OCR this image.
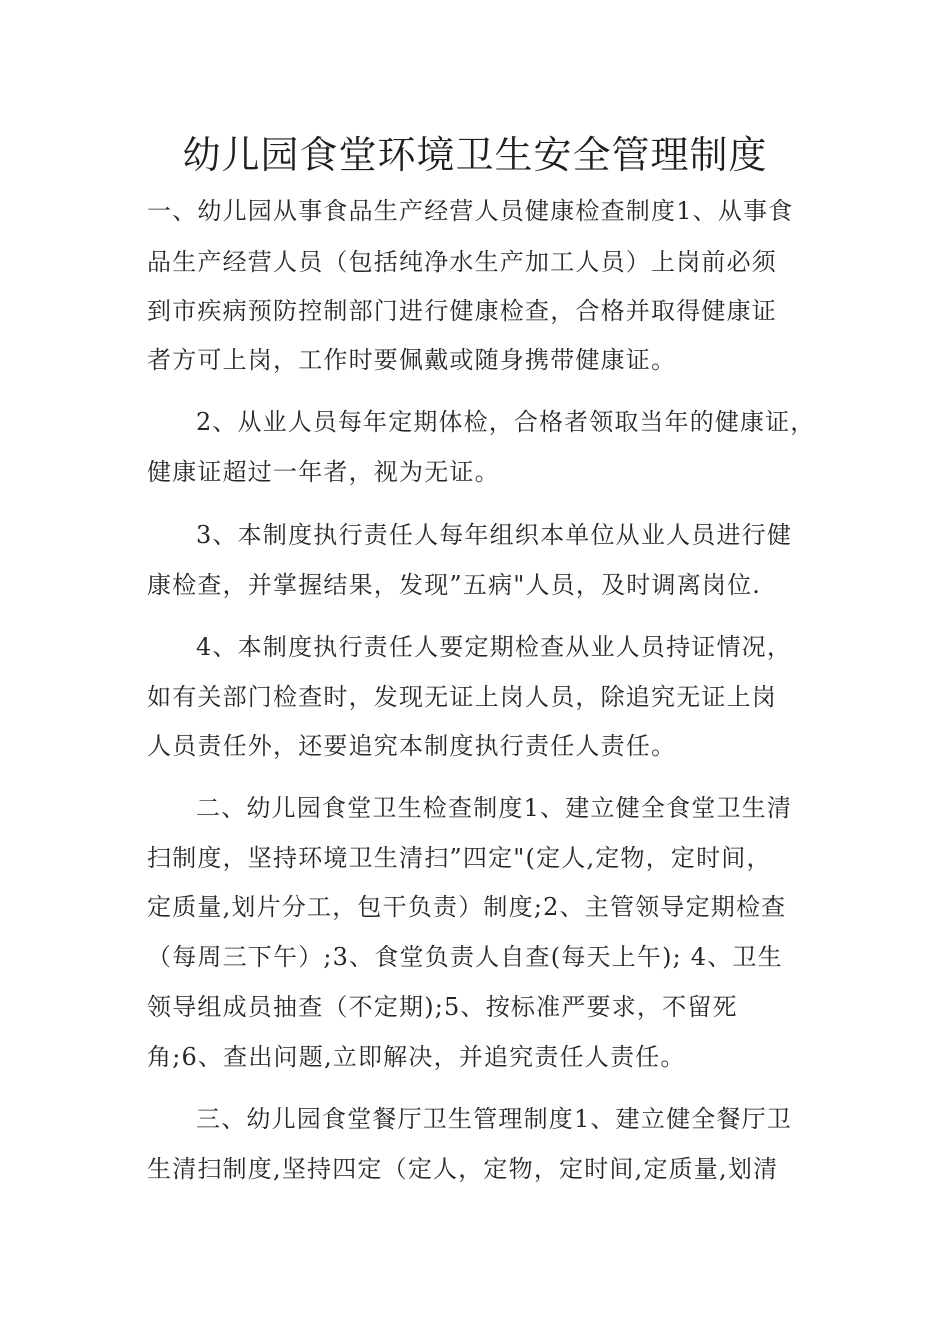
幼儿园食堂环境卫生安全管理制度
一、幼儿园从事食品生产经营人员健康检查制度1、从事食
品生产经营人员（包括纯净水生产加工人员）上岗前必须
到市疾病预防控制部门进行健康检查，合格并取得健康证
者方可上岗，工作时要佩戴或随身携带健康证。
2、从业人员每年定期体检，合格者领取当年的健康证，
健康证超过一年者，视为无证。
3、本制度执行责任人每年组织本单位从业人员进行健
康检查，并掌握结果，发现”五病"人员，及时调离岗位.
4、本制度执行责任人要定期检查从业人员持证情况，
如有关部门检查时，发现无证上岗人员，除追究无证上岗
人员责任外，还要追究本制度执行责任人责任。
二、幼儿园食堂卫生检查制度1、建立健全食堂卫生清
扫制度，坚持环境卫生清扫”四定"(定人,定物，定时间，
定质量,划片分工，包干负责）制度;2、主管领导定期检查
（每周三下午）;3、食堂负责人自查(每天上午); 4、卫生
领导组成员抽查（不定期);5、按标准严要求，不留死
角;6、查出问题,立即解决，并追究责任人责任。
三、幼儿园食堂餐厅卫生管理制度1、建立健全餐厅卫
生清扫制度,坚持四定（定人，定物，定时间,定质量,划清
